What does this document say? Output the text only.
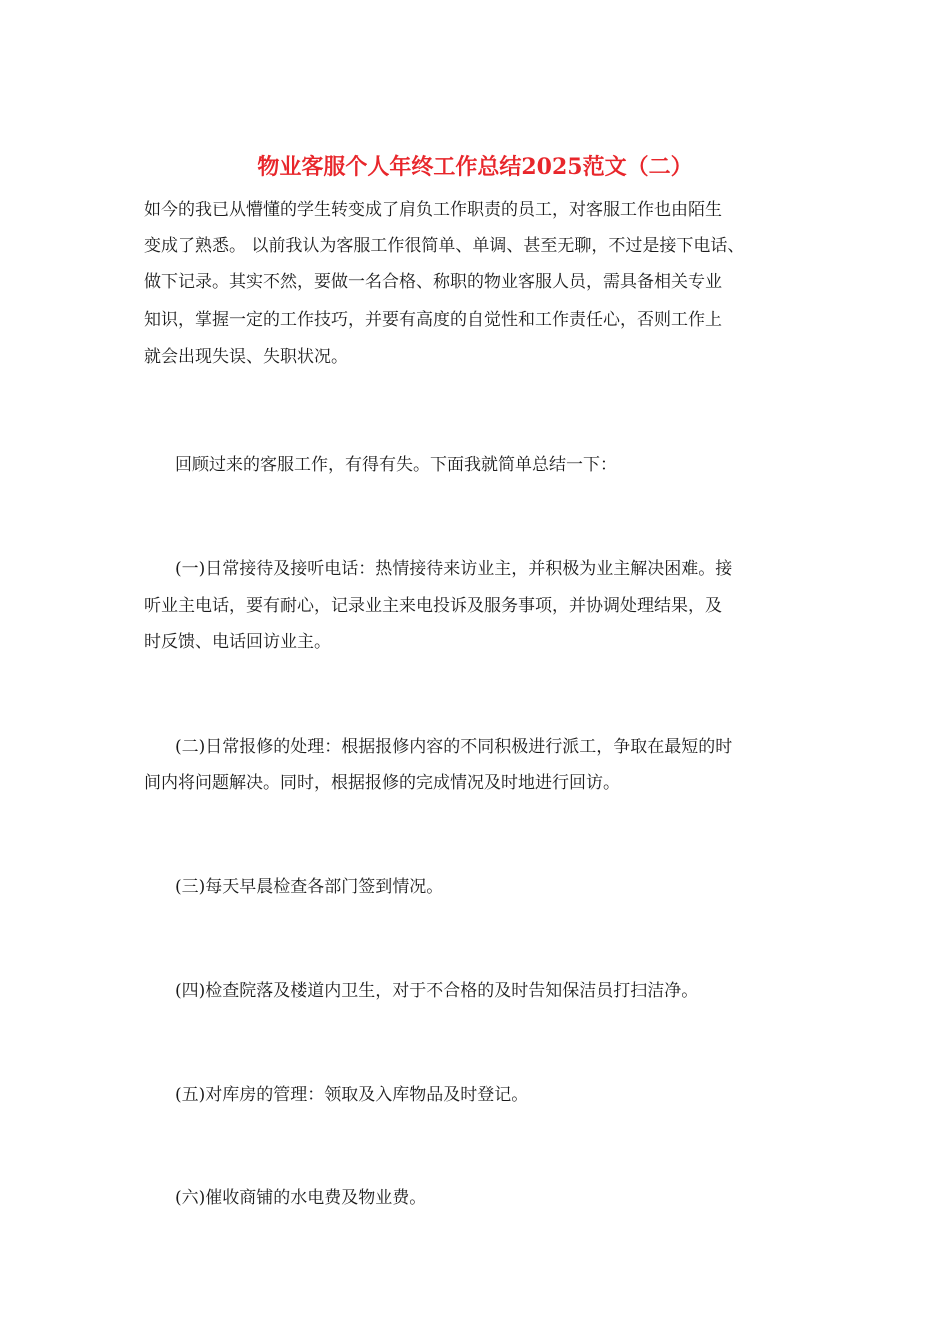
物业客服个人年终工作总结2025范文（二）

如今的我已从懵懂的学生转变成了肩负工作职责的员工，对客服工作也由陌生

变成了熟悉。 以前我认为客服工作很简单、单调、甚至无聊，不过是接下电话、

做下记录。其实不然，要做一名合格、称职的物业客服人员，需具备相关专业

知识，掌握一定的工作技巧，并要有高度的自觉性和工作责任心，否则工作上

就会出现失误、失职状况。

回顾过来的客服工作，有得有失。下面我就简单总结一下：

(一)日常接待及接听电话：热情接待来访业主，并积极为业主解决困难。接

听业主电话，要有耐心，记录业主来电投诉及服务事项，并协调处理结果，及

时反馈、电话回访业主。

(二)日常报修的处理：根据报修内容的不同积极进行派工，争取在最短的时

间内将问题解决。同时，根据报修的完成情况及时地进行回访。

(三)每天早晨检查各部门签到情况。

(四)检查院落及楼道内卫生，对于不合格的及时告知保洁员打扫洁净。

(五)对库房的管理：领取及入库物品及时登记。

(六)催收商铺的水电费及物业费。
